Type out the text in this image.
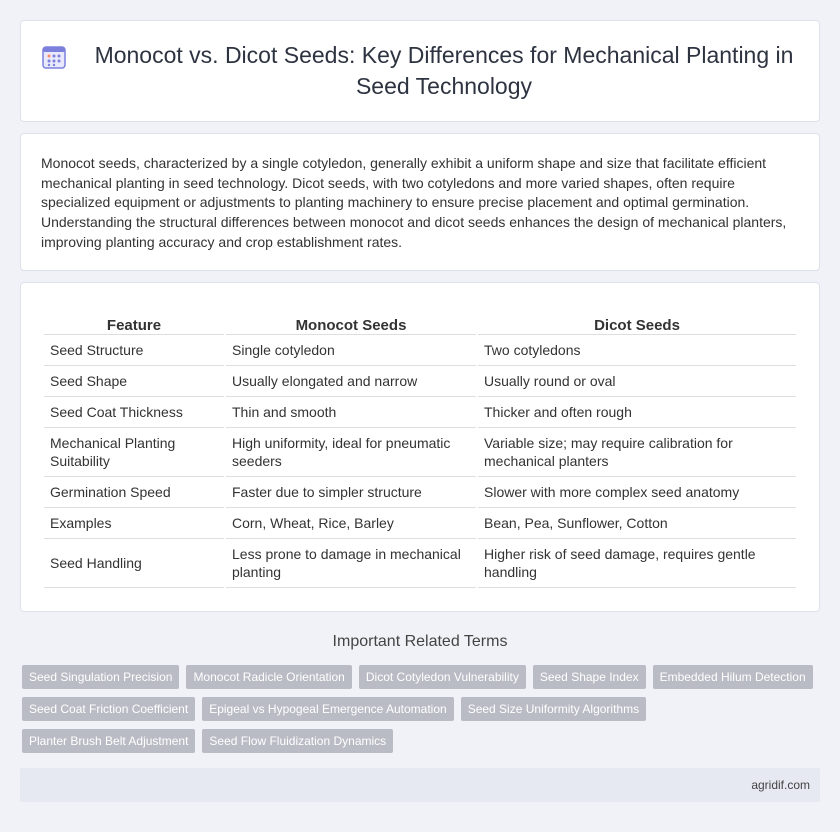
Monocot vs. Dicot Seeds: Key Differences for Mechanical Planting in Seed Technology

Monocot seeds, characterized by a single cotyledon, generally exhibit a uniform shape and size that facilitate efficient mechanical planting in seed technology. Dicot seeds, with two cotyledons and more varied shapes, often require specialized equipment or adjustments to planting machinery to ensure precise placement and optimal germination. Understanding the structural differences between monocot and dicot seeds enhances the design of mechanical planters, improving planting accuracy and crop establishment rates.

Feature	Monocot Seeds	Dicot Seeds
Seed Structure	Single cotyledon	Two cotyledons
Seed Shape	Usually elongated and narrow	Usually round or oval
Seed Coat Thickness	Thin and smooth	Thicker and often rough
Mechanical Planting Suitability	High uniformity, ideal for pneumatic seeders	Variable size; may require calibration for mechanical planters
Germination Speed	Faster due to simpler structure	Slower with more complex seed anatomy
Examples	Corn, Wheat, Rice, Barley	Bean, Pea, Sunflower, Cotton
Seed Handling	Less prone to damage in mechanical planting	Higher risk of seed damage, requires gentle handling
Important Related Terms
Seed Singulation Precision	Monocot Radicle Orientation	Dicot Cotyledon Vulnerability	Seed Shape Index	Embedded Hilum Detection
Seed Coat Friction Coefficient	Epigeal vs Hypogeal Emergence Automation	Seed Size Uniformity Algorithms
Planter Brush Belt Adjustment	Seed Flow Fluidization Dynamics
agridif.com
